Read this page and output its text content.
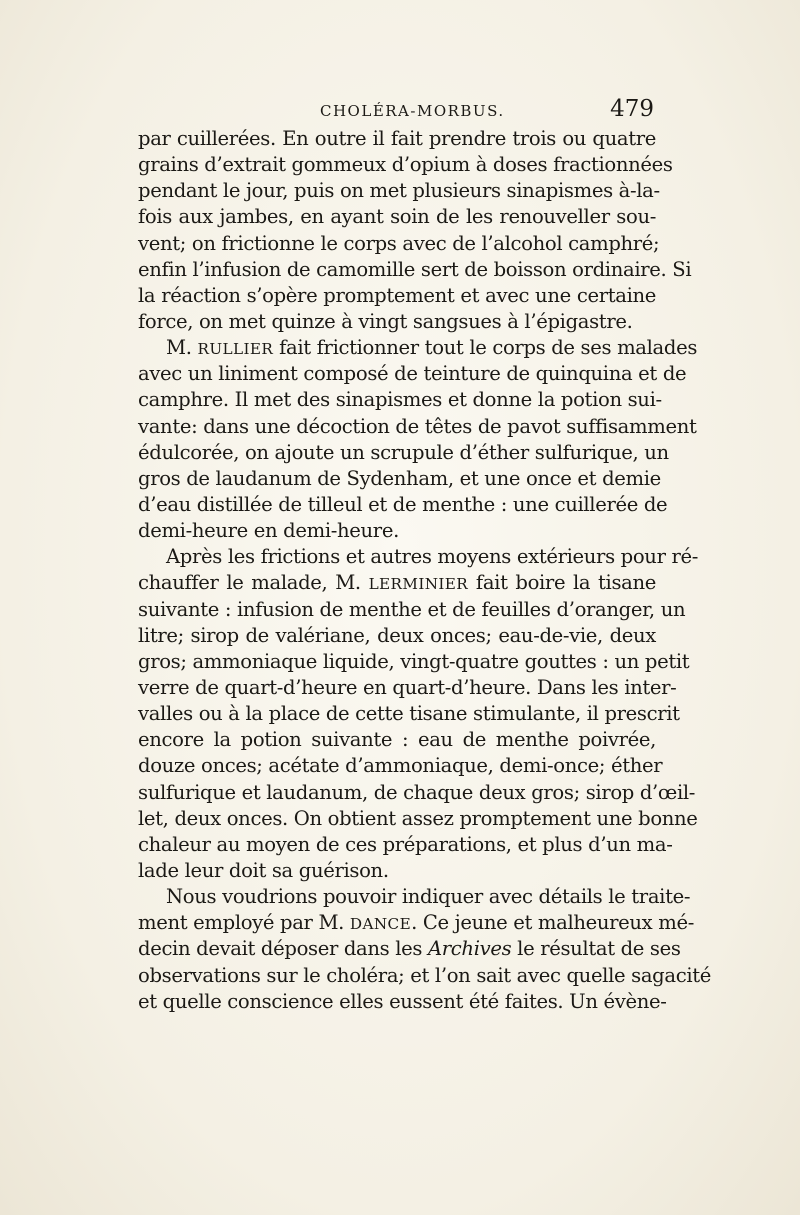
CHOLÉRA-MORBUS.	479
par cuillerées. En outre il fait prendre trois ou quatre
grains d’extrait gommeux d’opium à doses fractionnées
pendant le jour, puis on met plusieurs sinapismes à-la-
fois aux jambes, en ayant soin de les renouveller sou-
vent; on frictionne le corps avec de l’alcohol camphré;
enfin l’infusion de camomille sert de boisson ordinaire. Si
la réaction s’opère promptement et avec une certaine
force, on met quinze à vingt sangsues à l’épigastre.
M. RULLIER fait frictionner tout le corps de ses malades
avec un liniment composé de teinture de quinquina et de
camphre. Il met des sinapismes et donne la potion sui-
vante: dans une décoction de têtes de pavot suffisamment
édulcorée, on ajoute un scrupule d’éther sulfurique, un
gros de laudanum de Sydenham, et une once et demie
d’eau distillée de tilleul et de menthe : une cuillerée de
demi-heure en demi-heure.
Après les frictions et autres moyens extérieurs pour ré-
chauffer le malade, M. LERMINIER fait boire la tisane
suivante : infusion de menthe et de feuilles d’oranger, un
litre; sirop de valériane, deux onces; eau-de-vie, deux
gros; ammoniaque liquide, vingt-quatre gouttes : un petit
verre de quart-d’heure en quart-d’heure. Dans les inter-
valles ou à la place de cette tisane stimulante, il prescrit
encore la potion suivante : eau de menthe poivrée,
douze onces; acétate d’ammoniaque, demi-once; éther
sulfurique et laudanum, de chaque deux gros; sirop d’œil-
let, deux onces. On obtient assez promptement une bonne
chaleur au moyen de ces préparations, et plus d’un ma-
lade leur doit sa guérison.
Nous voudrions pouvoir indiquer avec détails le traite-
ment employé par M. DANCE. Ce jeune et malheureux mé-
decin devait déposer dans les Archives le résultat de ses
observations sur le choléra; et l’on sait avec quelle sagacité
et quelle conscience elles eussent été faites. Un évène-
